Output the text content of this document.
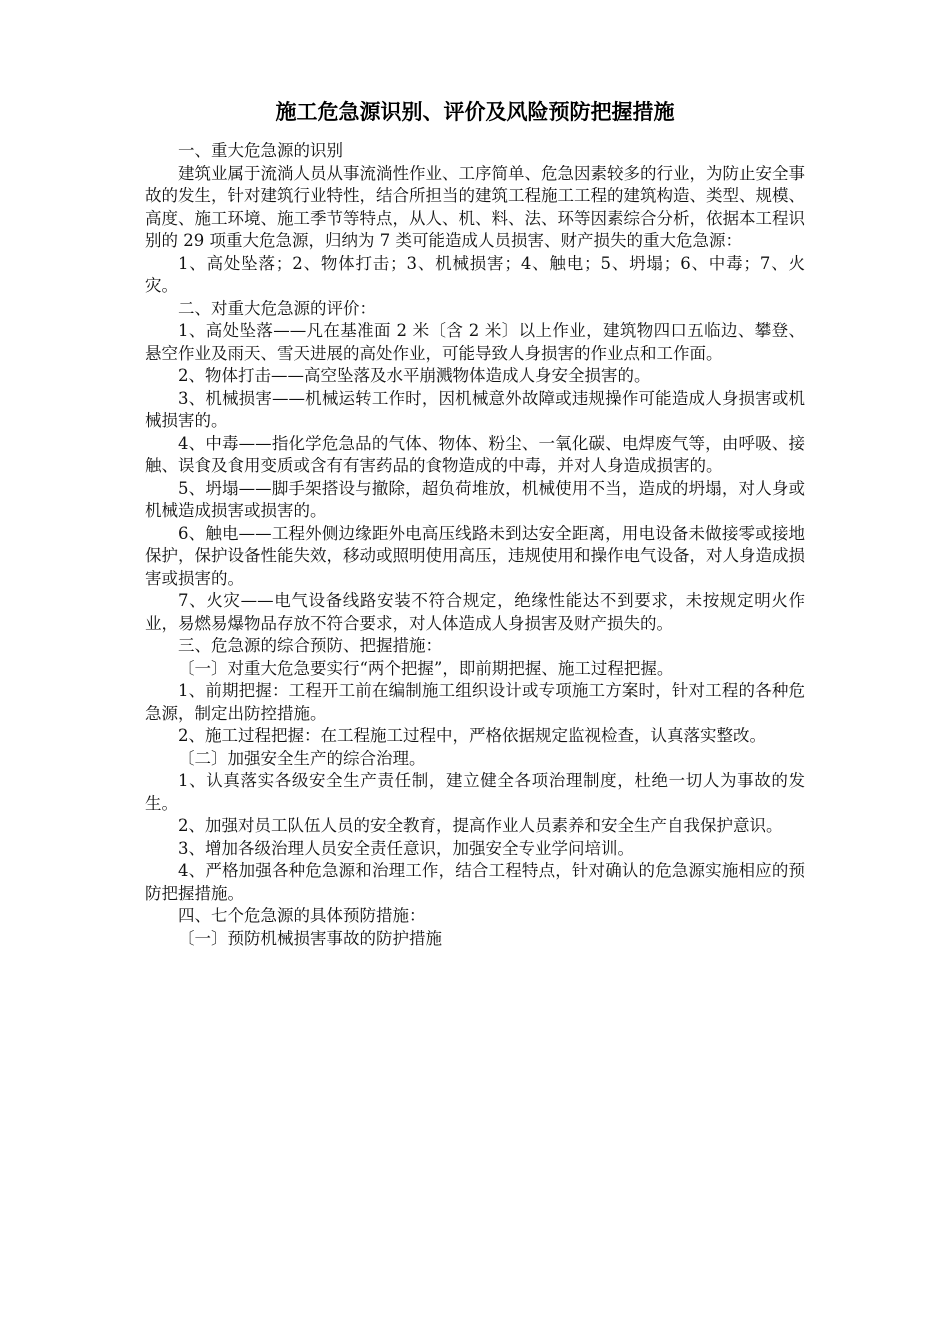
施工危急源识别、评价及风险预防把握措施

一、重大危急源的识别

建筑业属于流淌人员从事流淌性作业、工序简单、危急因素较多的行业，为防止安全事故的发生，针对建筑行业特性，结合所担当的建筑工程施工工程的建筑构造、类型、规模、高度、施工环境、施工季节等特点，从人、机、料、法、环等因素综合分析，依据本工程识别的 29 项重大危急源，归纳为 7 类可能造成人员损害、财产损失的重大危急源：

1、高处坠落；2、物体打击；3、机械损害；4、触电；5、坍塌；6、中毒；7、火灾。

二、对重大危急源的评价：

1、高处坠落——凡在基准面 2 米〔含 2 米〕以上作业，建筑物四口五临边、攀登、悬空作业及雨天、雪天进展的高处作业，可能导致人身损害的作业点和工作面。

2、物体打击——高空坠落及水平崩溅物体造成人身安全损害的。

3、机械损害——机械运转工作时，因机械意外故障或违规操作可能造成人身损害或机械损害的。

4、中毒——指化学危急品的气体、物体、粉尘、一氧化碳、电焊废气等，由呼吸、接触、误食及食用变质或含有有害药品的食物造成的中毒，并对人身造成损害的。

5、坍塌——脚手架搭设与撤除，超负荷堆放，机械使用不当，造成的坍塌，对人身或机械造成损害或损害的。

6、触电——工程外侧边缘距外电高压线路未到达安全距离，用电设备未做接零或接地保护，保护设备性能失效，移动或照明使用高压，违规使用和操作电气设备，对人身造成损害或损害的。

7、火灾——电气设备线路安装不符合规定，绝缘性能达不到要求，未按规定明火作业，易燃易爆物品存放不符合要求，对人体造成人身损害及财产损失的。

三、危急源的综合预防、把握措施：

〔一〕对重大危急要实行“两个把握”，即前期把握、施工过程把握。

1、前期把握：工程开工前在编制施工组织设计或专项施工方案时，针对工程的各种危急源，制定出防控措施。

2、施工过程把握：在工程施工过程中，严格依据规定监视检查，认真落实整改。

〔二〕加强安全生产的综合治理。

1、认真落实各级安全生产责任制，建立健全各项治理制度，杜绝一切人为事故的发生。

2、加强对员工队伍人员的安全教育，提高作业人员素养和安全生产自我保护意识。

3、增加各级治理人员安全责任意识，加强安全专业学问培训。

4、严格加强各种危急源和治理工作，结合工程特点，针对确认的危急源实施相应的预防把握措施。

四、七个危急源的具体预防措施：

〔一〕预防机械损害事故的防护措施
